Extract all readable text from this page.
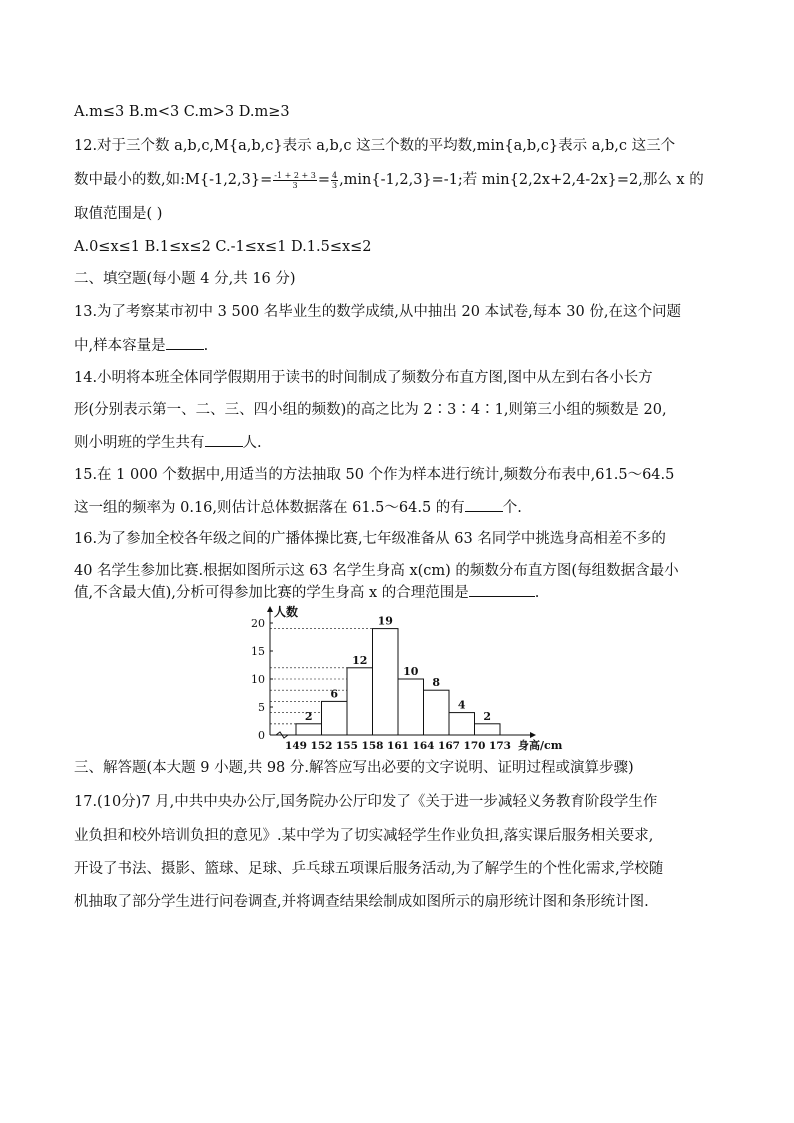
A.m≤3 B.m<3 C.m>3 D.m≥3
12.对于三个数 a,b,c,M{a,b,c}表示 a,b,c 这三个数的平均数,min{a,b,c}表示 a,b,c 这三个
数中最小的数,如:M{-1,2,3}= $\frac{-1 + 2 + 3}{3} = \frac{4}{3} ,\min\{-1,2,3\}=-1$;若 min{2,2x+2,4-2x}=2,那么 x 的
取值范围是( )
A.0≤x≤1 B.1≤x≤2 C.-1≤x≤1 D.1.5≤x≤2
二、填空题(每小题 4 分,共 16 分)
13.为了考察某市初中 3 500 名毕业生的数学成绩,从中抽出 20 本试卷,每本 30 份,在这个问题
中,样本容量是	.
14.小明将本班全体同学假期用于读书的时间制成了频数分布直方图,图中从左到右各小长方
形(分别表示第一、二、三、四小组的频数)的高之比为 2∶3∶4∶1,则第三小组的频数是 20,
则小明班的学生共有	人.
15.在 1 000 个数据中,用适当的方法抽取 50 个作为样本进行统计,频数分布表中,61.5～64.5
这一组的频率为 0.16,则估计总体数据落在 61.5～64.5 的有	个.
16.为了参加全校各年级之间的广播体操比赛,七年级准备从 63 名同学中挑选身高相差不多的
40 名学生参加比赛.根据如图所示这 63 名学生身高 x(cm) 的频数分布直方图(每组数据含最小
值,不含最大值),分析可得参加比赛的学生身高 x 的合理范围是	.
0
5
10
15
20
2
6
12
19
10
8
4
2
149 152 155 158 161 164 167 170 173
人数
身高/cm
三、解答题(本大题 9 小题,共 98 分.解答应写出必要的文字说明、证明过程或演算步骤)
17.(10分)7 月,中共中央办公厅,国务院办公厅印发了《关于进一步减轻义务教育阶段学生作
业负担和校外培训负担的意见》.某中学为了切实减轻学生作业负担,落实课后服务相关要求,
开设了书法、摄影、篮球、足球、乒乓球五项课后服务活动,为了解学生的个性化需求,学校随
机抽取了部分学生进行问卷调查,并将调查结果绘制成如图所示的扇形统计图和条形统计图.
